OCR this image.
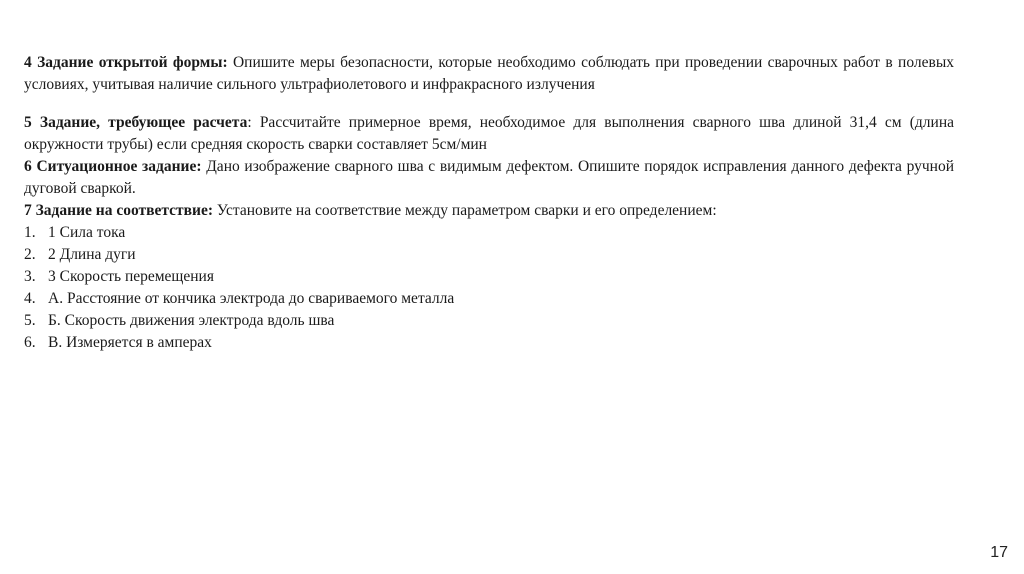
4 Задание открытой формы: Опишите меры безопасности, которые необходимо соблюдать при проведении сварочных работ в полевых условиях, учитывая наличие сильного ультрафиолетового и инфракрасного излучения

5 Задание, требующее расчета: Рассчитайте примерное время, необходимое для выполнения сварного шва длиной 31,4 см (длина окружности трубы) если средняя скорость сварки составляет 5см/мин

6 Ситуационное задание: Дано изображение сварного шва с видимым дефектом. Опишите порядок исправления данного дефекта ручной дуговой сваркой.

7 Задание на соответствие: Установите на соответствие между параметром сварки и его определением:

1. 1 Сила тока
2. 2 Длина дуги
3. 3 Скорость перемещения
4. А. Расстояние от кончика электрода до свариваемого металла
5. Б. Скорость движения электрода вдоль шва
6. В. Измеряется в амперах
17
